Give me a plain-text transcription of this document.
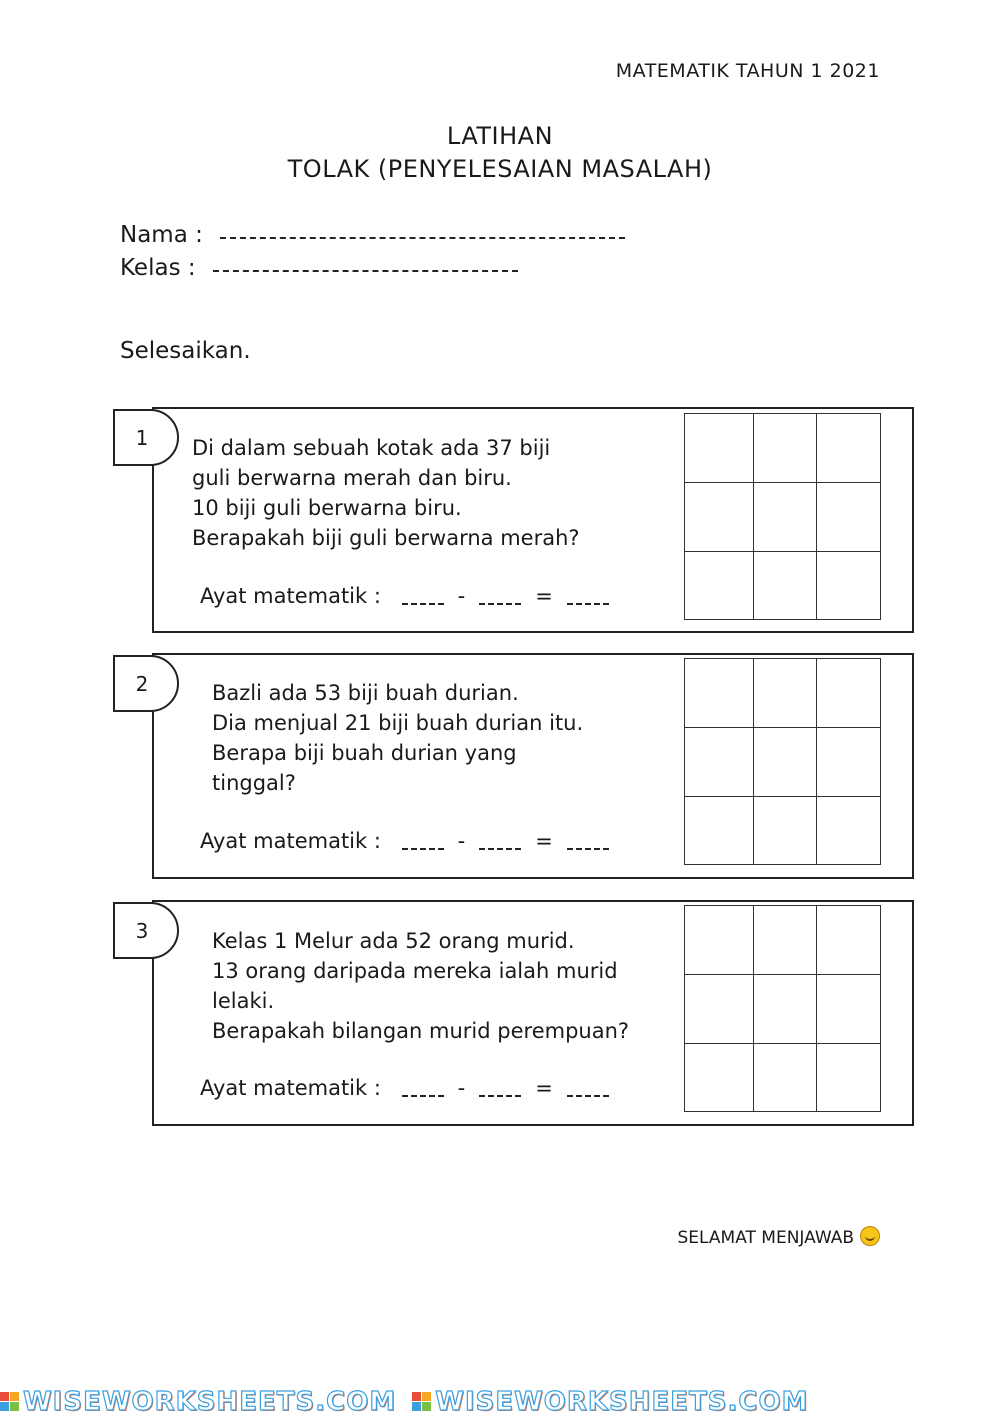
MATEMATIK TAHUN 1 2021
LATIHAN
TOLAK (PENYELESAIAN MASALAH)
Nama :
Kelas :
Selesaikan.
1	Di dalam sebuah kotak ada 37 biji
guli berwarna merah dan biru.
10 biji guli berwarna biru.
Berapakah biji guli berwarna merah?
Ayat matematik :	-	=
2	Bazli ada 53 biji buah durian.
Dia menjual 21 biji buah durian itu.
Berapa biji buah durian yang
tinggal?
Ayat matematik :	-	=
3	Kelas 1 Melur ada 52 orang murid.
13 orang daripada mereka ialah murid
lelaki.
Berapakah bilangan murid perempuan?
Ayat matematik :	-	=
SELAMAT MENJAWAB
WISEWORKSHEETS.COM
WISEWORKSHEETS.COM
